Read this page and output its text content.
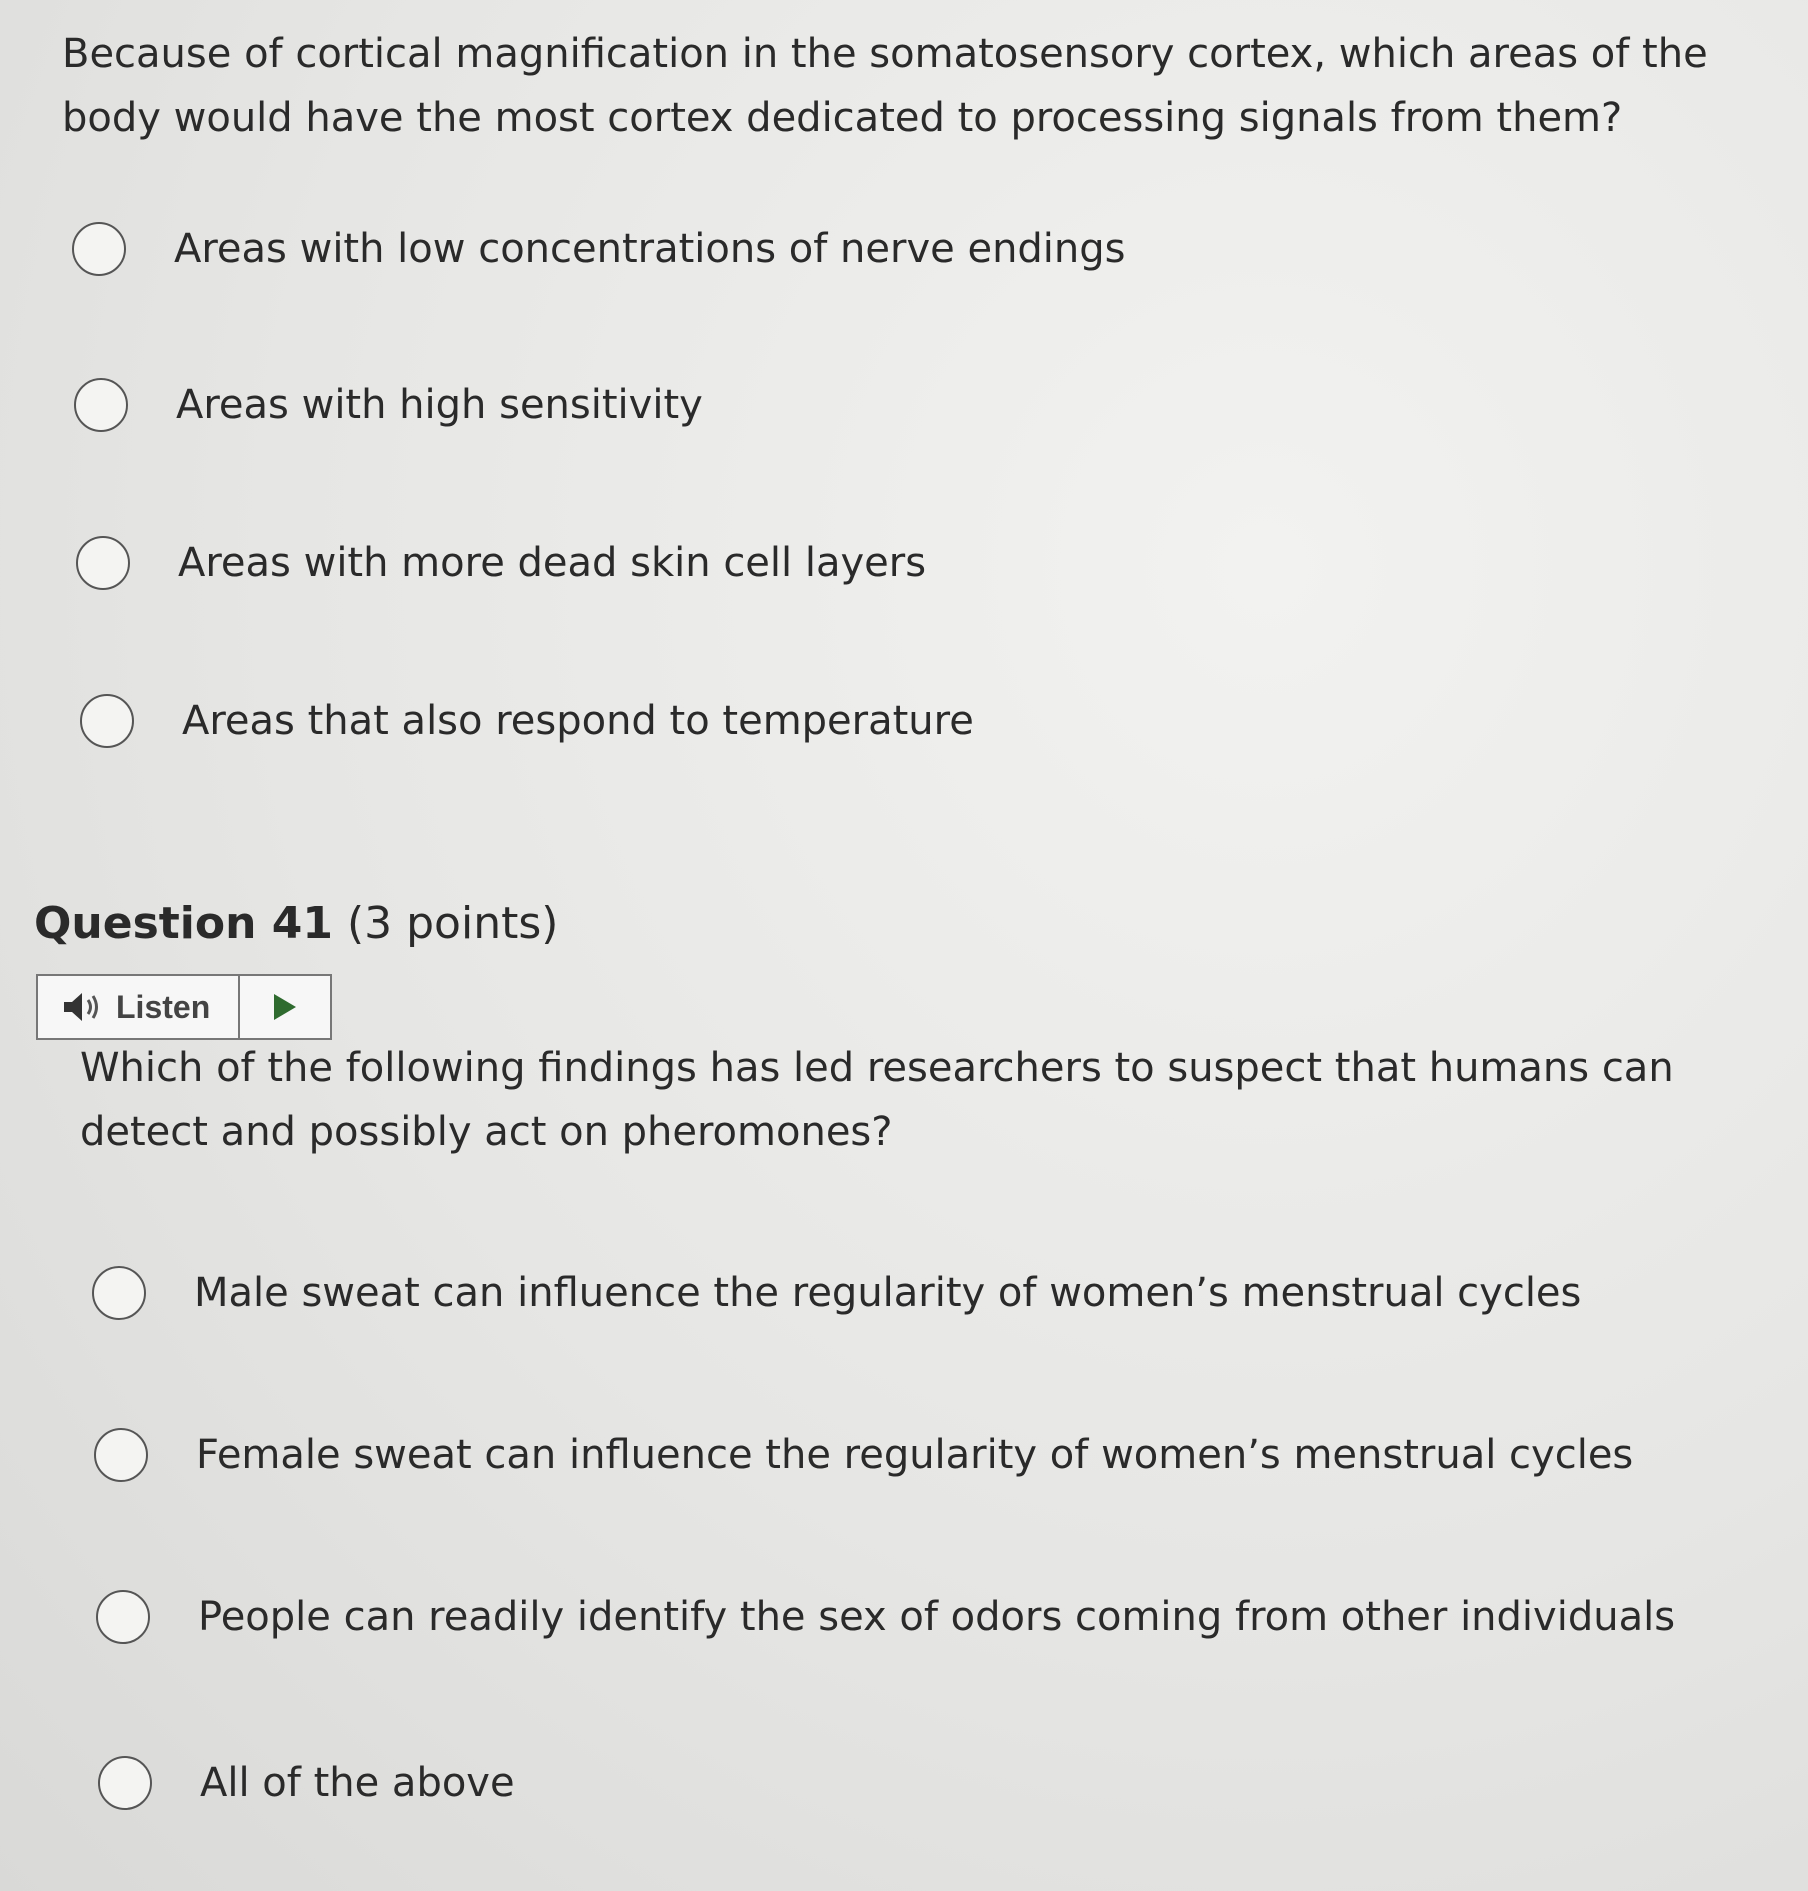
Because of cortical magnification in the somatosensory cortex, which areas of the body would have the most cortex dedicated to processing signals from them?

Areas with low concentrations of nerve endings
Areas with high sensitivity
Areas with more dead skin cell layers
Areas that also respond to temperature
Question 41 (3 points)
Listen

Which of the following findings has led researchers to suspect that humans can detect and possibly act on pheromones?

Male sweat can influence the regularity of women’s menstrual cycles
Female sweat can influence the regularity of women’s menstrual cycles
People can readily identify the sex of odors coming from other individuals
All of the above
